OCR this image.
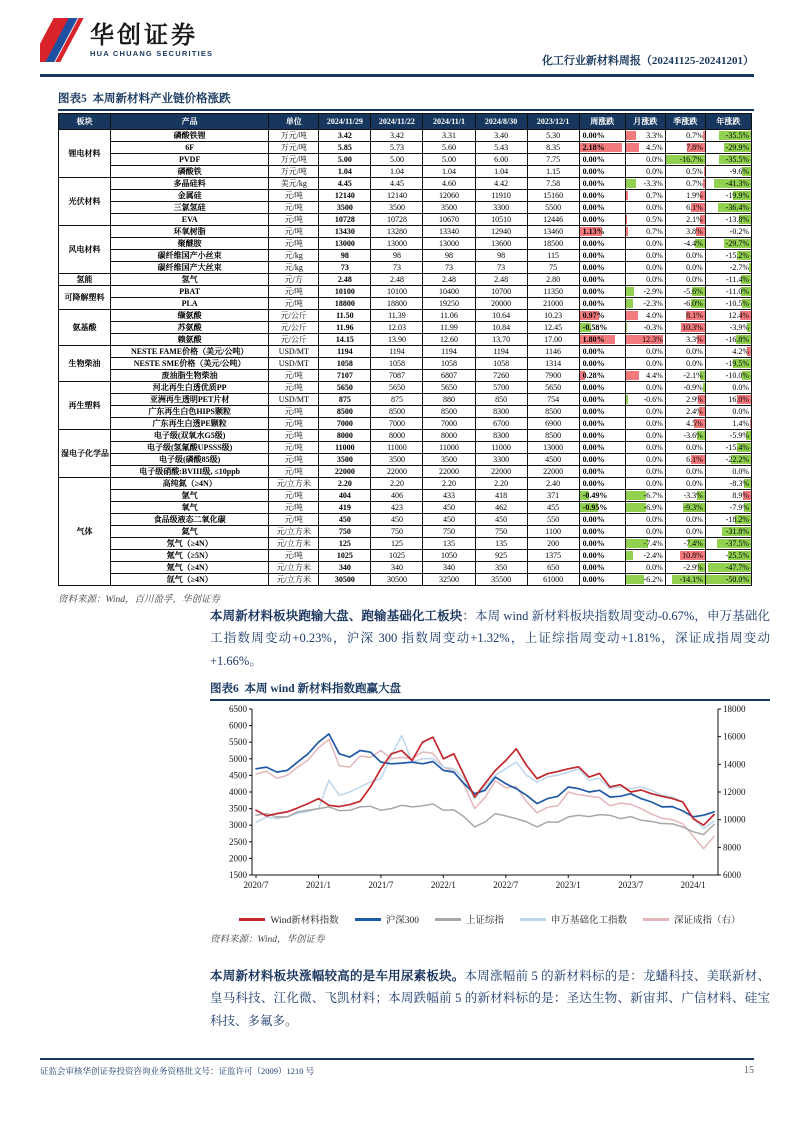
华创证券
HUA CHUANG SECURITIES
化工行业新材料周报（20241125-20241201）
图表5 本周新材料产业链价格涨跌
板块	产品	单位	2024/11/29	2024/11/22	2024/11/1	2024/8/30	2023/12/1	周涨跌	月涨跌	季涨跌	年涨跌
锂电材料	磷酸铁锂	万元/吨	3.42	3.42	3.31	3.40	5.30	0.00%	3.3%	0.7%	-35.5%
	6F	万元/吨	5.85	5.73	5.60	5.43	8.35	2.18%	4.5%	7.8%	-29.9%
	PVDF	万元/吨	5.00	5.00	5.00	6.00	7.75	0.00%	0.0%	-16.7%	-35.5%
	磷酸铁	万元/吨	1.04	1.04	1.04	1.04	1.15	0.00%	0.0%	0.5%	-9.6%
光伏材料	多晶硅料	美元/kg	4.45	4.45	4.60	4.42	7.58	0.00%	-3.3%	0.7%	-41.3%
	金属硅	元/吨	12140	12140	12060	11910	15160	0.00%	0.7%	1.9%	-19.9%
	三氯氢硅	元/吨	3500	3500	3500	3300	5500	0.00%	0.0%	6.1%	-36.4%
	EVA	元/吨	10728	10728	10670	10510	12446	0.00%	0.5%	2.1%	-13.8%
风电材料	环氧树脂	元/吨	13430	13280	13340	12940	13460	1.13%	0.7%	3.8%	-0.2%
	聚醚胺	元/吨	13000	13000	13000	13600	18500	0.00%	0.0%	-4.4%	-29.7%
	碳纤维国产小丝束	元/kg	98	98	98	98	115	0.00%	0.0%	0.0%	-15.2%
	碳纤维国产大丝束	元/kg	73	73	73	73	75	0.00%	0.0%	0.0%	-2.7%
氢能	氢气	元/方	2.48	2.48	2.48	2.48	2.80	0.00%	0.0%	0.0%	-11.4%
可降解塑料	PBAT	元/吨	10100	10100	10400	10700	11350	0.00%	-2.9%	-5.6%	-11.0%
	PLA	元/吨	18800	18800	19250	20000	21000	0.00%	-2.3%	-6.0%	-10.5%
氨基酸	缬氨酸	元/公斤	11.50	11.39	11.06	10.64	10.23	0.97%	4.0%	8.1%	12.4%
	苏氨酸	元/公斤	11.96	12.03	11.99	10.84	12.45	-0.58%	-0.3%	10.3%	-3.9%
	赖氨酸	元/公斤	14.15	13.90	12.60	13.70	17.00	1.80%	12.3%	3.3%	-16.8%
生物柴油	NESTE FAME价格（美元/公吨）	USD/MT	1194	1194	1194	1194	1146	0.00%	0.0%	0.0%	4.2%
	NESTE SME价格（美元/公吨）	USD/MT	1058	1058	1058	1058	1314	0.00%	0.0%	0.0%	-19.5%
	废油脂生物柴油	元/吨	7107	7087	6807	7260	7900	0.28%	4.4%	-2.1%	-10.0%
再生塑料	河北再生白透优质PP	元/吨	5650	5650	5650	5700	5650	0.00%	0.0%	-0.9%	0.0%
	亚洲再生透明PET片材	USD/MT	875	875	880	850	754	0.00%	-0.6%	2.9%	16.0%
	广东再生白色HIPS颗粒	元/吨	8500	8500	8500	8300	8500	0.00%	0.0%	2.4%	0.0%
	广东再生白透PE颗粒	元/吨	7000	7000	7000	6700	6900	0.00%	0.0%	4.5%	1.4%
湿电子化学品	电子级(双氧水G5级)	元/吨	8000	8000	8000	8300	8500	0.00%	0.0%	-3.6%	-5.9%
	电子级(氢氟酸UPSSS级)	元/吨	11000	11000	11000	11000	13000	0.00%	0.0%	0.0%	-15.4%
	电子级(磷酸85级)	元/吨	3500	3500	3500	3300	4500	0.00%	0.0%	6.1%	-22.2%
	电子级硝酸:BVIII级, ≤10ppb	元/吨	22000	22000	22000	22000	22000	0.00%	0.0%	0.0%	0.0%
气体	高纯氮（≥4N）	元/立方米	2.20	2.20	2.20	2.20	2.40	0.00%	0.0%	0.0%	-8.3%
	氩气	元/吨	404	406	433	418	371	-0.49%	-6.7%	-3.3%	8.9%
	氧气	元/吨	419	423	450	462	455	-0.95%	-6.9%	-9.3%	-7.9%
	食品级液态二氧化碳	元/吨	450	450	450	450	550	0.00%	0.0%	0.0%	-18.2%
	氦气	元/立方米	750	750	750	750	1100	0.00%	0.0%	0.0%	-31.8%
	氖气（≥4N）	元/立方米	125	125	135	135	200	0.00%	-7.4%	-7.4%	-37.5%
	氪气（≥5N）	元/吨	1025	1025	1050	925	1375	0.00%	-2.4%	10.8%	-25.5%
	氪气（≥4N）	元/立方米	340	340	340	350	650	0.00%	0.0%	-2.9%	-47.7%
	氙气（≥4N）	元/立方米	30500	30500	32500	35500	61000	0.00%	-6.2%	-14.1%	-50.0%
资料来源：Wind，百川盈孚，华创证券
本周新材料板块跑输大盘、跑输基础化工板块：本周 wind 新材料板块指数周变动-0.67%，申万基础化工指数周变动+0.23%，沪深 300 指数周变动+1.32%，上证综指周变动+1.81%，深证成指周变动+1.66%。
图表6 本周 wind 新材料指数跑赢大盘
1500
2000
2500
3000
3500
4000
4500
5000
5500
6000
6500
6000
8000
10000
12000
14000
16000
18000
2020/7	2021/1	2021/7	2022/1	2022/7	2023/1	2023/7	2024/1
Wind新材料指数	沪深300	上证综指	申万基础化工指数	深证成指（右）
资料来源：Wind，华创证券
本周新材料板块涨幅较高的是车用尿素板块。本周涨幅前 5 的新材料标的是：龙蟠科技、美联新材、皇马科技、江化微、飞凯材料；本周跌幅前 5 的新材料标的是：圣达生物、新宙邦、广信材料、硅宝科技、多氟多。
证监会审核华创证券投资咨询业务资格批文号：证监许可（2009）1210 号	15
